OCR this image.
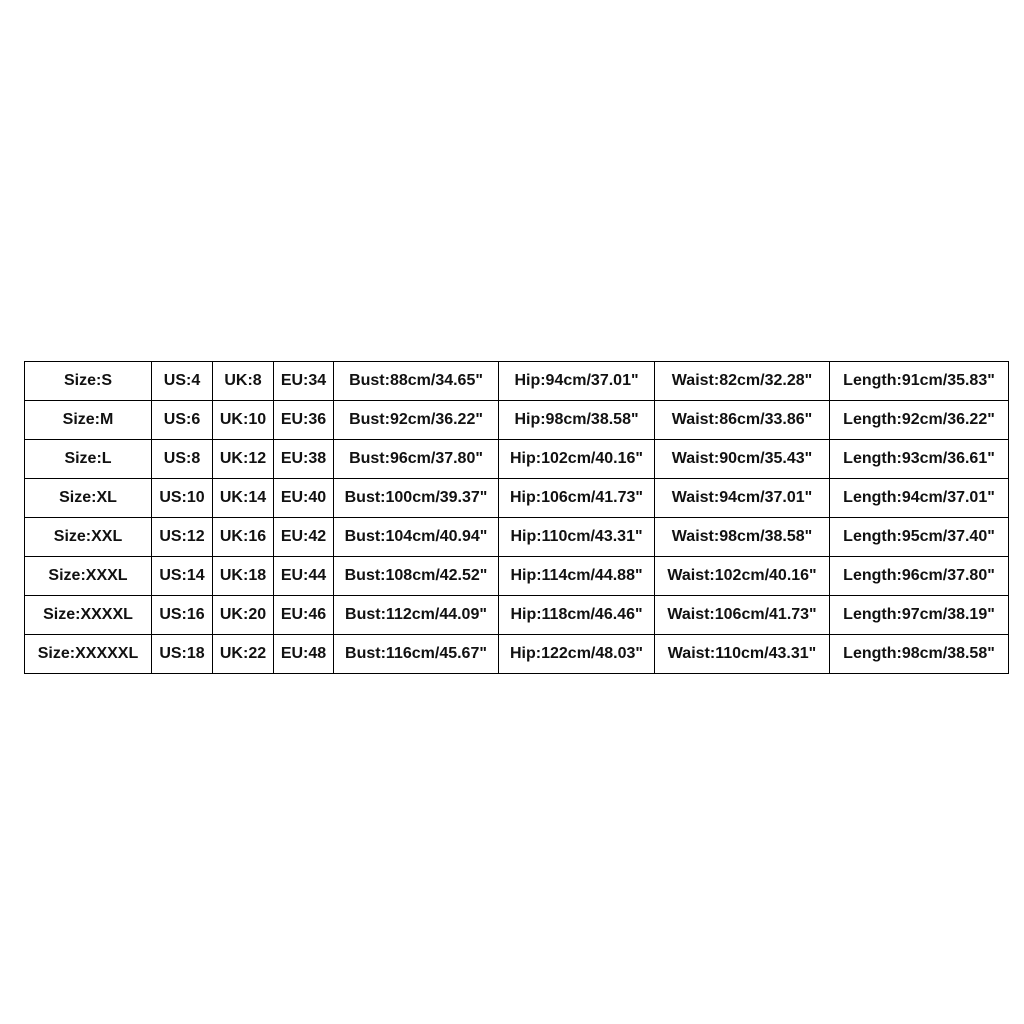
Size:S	US:4	UK:8	EU:34	Bust:88cm/34.65"	Hip:94cm/37.01"	Waist:82cm/32.28"	Length:91cm/35.83"
Size:M	US:6	UK:10	EU:36	Bust:92cm/36.22"	Hip:98cm/38.58"	Waist:86cm/33.86"	Length:92cm/36.22"
Size:L	US:8	UK:12	EU:38	Bust:96cm/37.80"	Hip:102cm/40.16"	Waist:90cm/35.43"	Length:93cm/36.61"
Size:XL	US:10	UK:14	EU:40	Bust:100cm/39.37"	Hip:106cm/41.73"	Waist:94cm/37.01"	Length:94cm/37.01"
Size:XXL	US:12	UK:16	EU:42	Bust:104cm/40.94"	Hip:110cm/43.31"	Waist:98cm/38.58"	Length:95cm/37.40"
Size:XXXL	US:14	UK:18	EU:44	Bust:108cm/42.52"	Hip:114cm/44.88"	Waist:102cm/40.16"	Length:96cm/37.80"
Size:XXXXL	US:16	UK:20	EU:46	Bust:112cm/44.09"	Hip:118cm/46.46"	Waist:106cm/41.73"	Length:97cm/38.19"
Size:XXXXXL	US:18	UK:22	EU:48	Bust:116cm/45.67"	Hip:122cm/48.03"	Waist:110cm/43.31"	Length:98cm/38.58"
